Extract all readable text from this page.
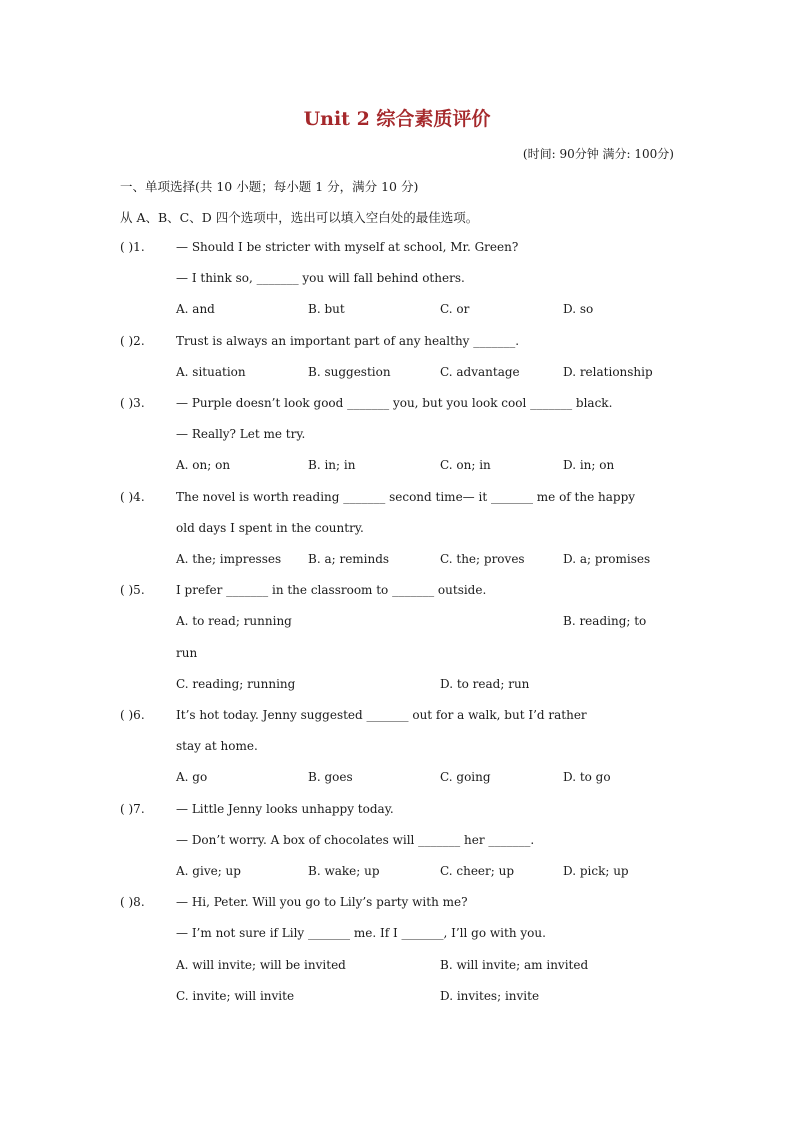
Unit 2 综合素质评价
(时间: 90分钟 满分: 100分)
一、单项选择(共 10 小题；每小题 1 分，满分 10 分)
从 A、B、C、D 四个选项中，选出可以填入空白处的最佳选项。
( )1.	— Should I be stricter with myself at school, Mr. Green?
— I think so, _______ you will fall behind others.
A. and	B. but	C. or	D. so
( )2.	Trust is always an important part of any healthy _______.
A. situation	B. suggestion	C. advantage	D. relationship
( )3.	— Purple doesn’t look good _______ you, but you look cool _______ black.
— Really? Let me try.
A. on; on	B. in; in	C. on; in	D. in; on
( )4.	The novel is worth reading _______ second time— it _______ me of the happy
old days I spent in the country.
A. the; impresses B. a; reminds	C. the; proves	D. a; promises
( )5.	I prefer _______ in the classroom to _______ outside.
A. to read; running	B. reading; to
run
C. reading; running	D. to read; run
( )6.	It’s hot today. Jenny suggested _______ out for a walk, but I’d rather
stay at home.
A. go	B. goes	C. going	D. to go
( )7.	— Little Jenny looks unhappy today.
— Don’t worry. A box of chocolates will _______ her _______.
A. give; up	B. wake; up	C. cheer; up	D. pick; up
( )8.	— Hi, Peter. Will you go to Lily’s party with me?
— I’m not sure if Lily _______ me. If I _______, I’ll go with you.
A. will invite; will be invited	B. will invite; am invited
C. invite; will invite	D. invites; invite
